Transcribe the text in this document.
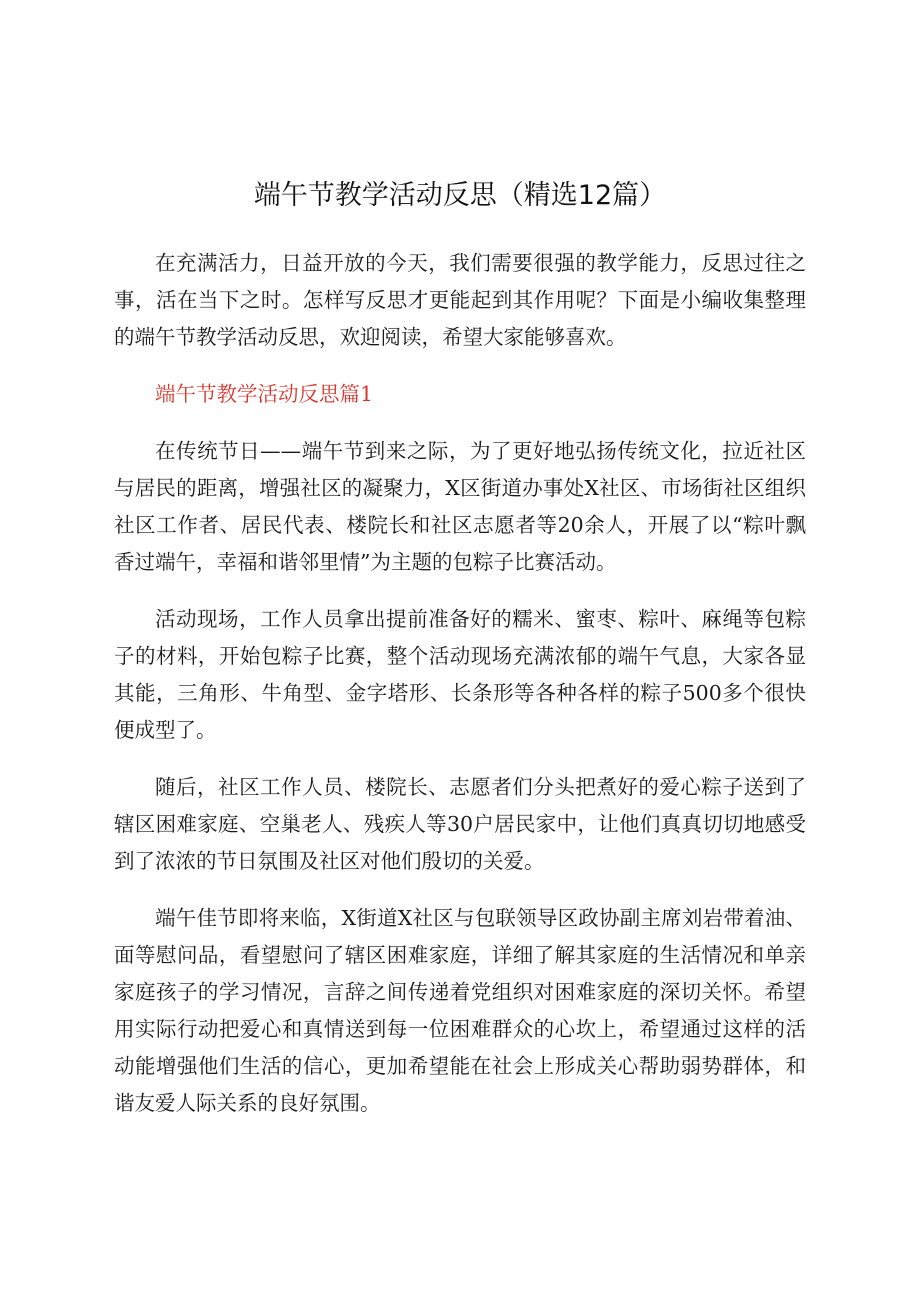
端午节教学活动反思（精选12篇）

在充满活力，日益开放的今天，我们需要很强的教学能力，反思过往之事，活在当下之时。怎样写反思才更能起到其作用呢？下面是小编收集整理的端午节教学活动反思，欢迎阅读，希望大家能够喜欢。

端午节教学活动反思篇1

在传统节日——端午节到来之际，为了更好地弘扬传统文化，拉近社区与居民的距离，增强社区的凝聚力，X区街道办事处X社区、市场街社区组织社区工作者、居民代表、楼院长和社区志愿者等20余人，开展了以“粽叶飘香过端午，幸福和谐邻里情”为主题的包粽子比赛活动。

活动现场，工作人员拿出提前准备好的糯米、蜜枣、粽叶、麻绳等包粽子的材料，开始包粽子比赛，整个活动现场充满浓郁的端午气息，大家各显其能，三角形、牛角型、金字塔形、长条形等各种各样的粽子500多个很快便成型了。

随后，社区工作人员、楼院长、志愿者们分头把煮好的爱心粽子送到了辖区困难家庭、空巢老人、残疾人等30户居民家中，让他们真真切切地感受到了浓浓的节日氛围及社区对他们殷切的关爱。

端午佳节即将来临，X街道X社区与包联领导区政协副主席刘岩带着油、面等慰问品，看望慰问了辖区困难家庭，详细了解其家庭的生活情况和单亲家庭孩子的学习情况，言辞之间传递着党组织对困难家庭的深切关怀。希望用实际行动把爱心和真情送到每一位困难群众的心坎上，希望通过这样的活动能增强他们生活的信心，更加希望能在社会上形成关心帮助弱势群体，和谐友爱人际关系的良好氛围。
